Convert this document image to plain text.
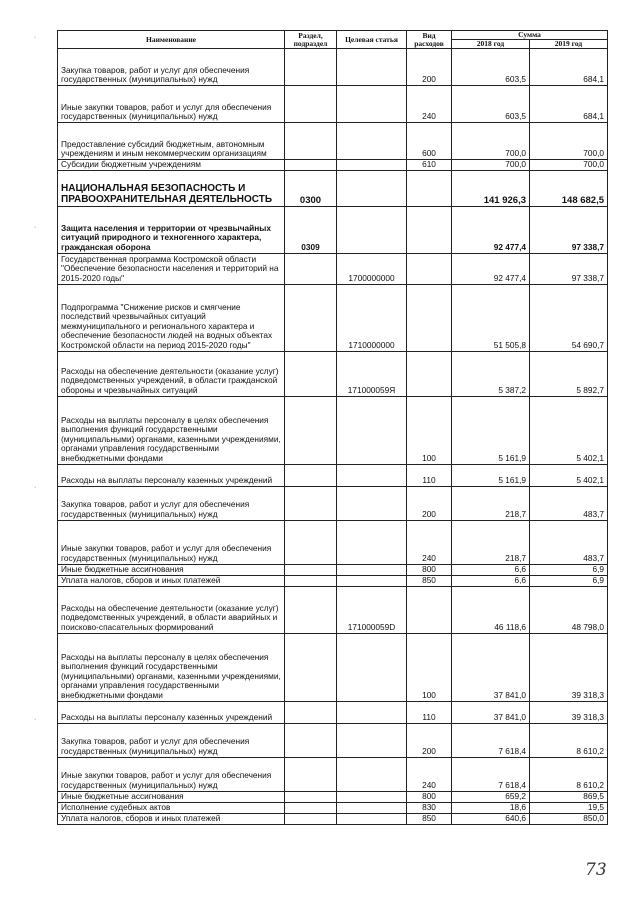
`
`
`
`
Наименование	Раздел, подраздел	Целевая статья	Вид расходов	Сумма	
				2018 год	2019 год
Закупка товаров, работ и услуг для обеспечения государственных (муниципальных) нужд			200	603,5	684,1
Иные закупки товаров, работ и услуг для обеспечения государственных (муниципальных) нужд			240	603,5	684,1
Предоставление субсидий бюджетным, автономным учреждениям и иным некоммерческим организациям			600	700,0	700,0
Субсидии бюджетным учреждениям			610	700,0	700,0
НАЦИОНАЛЬНАЯ БЕЗОПАСНОСТЬ И ПРАВООХРАНИТЕЛЬНАЯ ДЕЯТЕЛЬНОСТЬ	0300			141 926,3	148 682,5
Защита населения и территории от чрезвычайных ситуаций природного и техногенного характера, гражданская оборона	0309			92 477,4	97 338,7
Государственная программа Костромской области "Обеспечение безопасности населения и территорий на 2015-2020 годы"		1700000000		92 477,4	97 338,7
Подпрограмма "Снижение рисков и смягчение последствий чрезвычайных ситуаций межмуниципального и регионального характера и обеспечение безопасности людей на водных объектах Костромской области на период 2015-2020 годы"		1710000000		51 505,8	54 690,7
Расходы на обеспечение деятельности (оказание услуг) подведомственных учреждений, в области гражданской обороны и чрезвычайных ситуаций		171000059Я		5 387,2	5 892,7
Расходы на выплаты персоналу в целях обеспечения выполнения функций государственными (муниципальными) органами, казенными учреждениями, органами управления государственными внебюджетными фондами			100	5 161,9	5 402,1
Расходы на выплаты персоналу казенных учреждений			110	5 161,9	5 402,1
Закупка товаров, работ и услуг для обеспечения государственных (муниципальных) нужд			200	218,7	483,7
Иные закупки товаров, работ и услуг для обеспечения государственных (муниципальных) нужд			240	218,7	483,7
Иные бюджетные ассигнования			800	6,6	6,9
Уплата налогов, сборов и иных платежей			850	6,6	6,9
Расходы на обеспечение деятельности (оказание услуг) подведомственных учреждений, в области аварийных и поисково-спасательных формирований		171000059D		46 118,6	48 798,0
Расходы на выплаты персоналу в целях обеспечения выполнения функций государственными (муниципальными) органами, казенными учреждениями, органами управления государственными внебюджетными фондами			100	37 841,0	39 318,3
Расходы на выплаты персоналу казенных учреждений			110	37 841,0	39 318,3
Закупка товаров, работ и услуг для обеспечения государственных (муниципальных) нужд			200	7 618,4	8 610,2
Иные закупки товаров, работ и услуг для обеспечения государственных (муниципальных) нужд			240	7 618,4	8 610,2
Иные бюджетные ассигнования			800	659,2	869,5
Исполнение судебных актов			830	18,6	19,5
Уплата налогов, сборов и иных платежей			850	640,6	850,0
73
